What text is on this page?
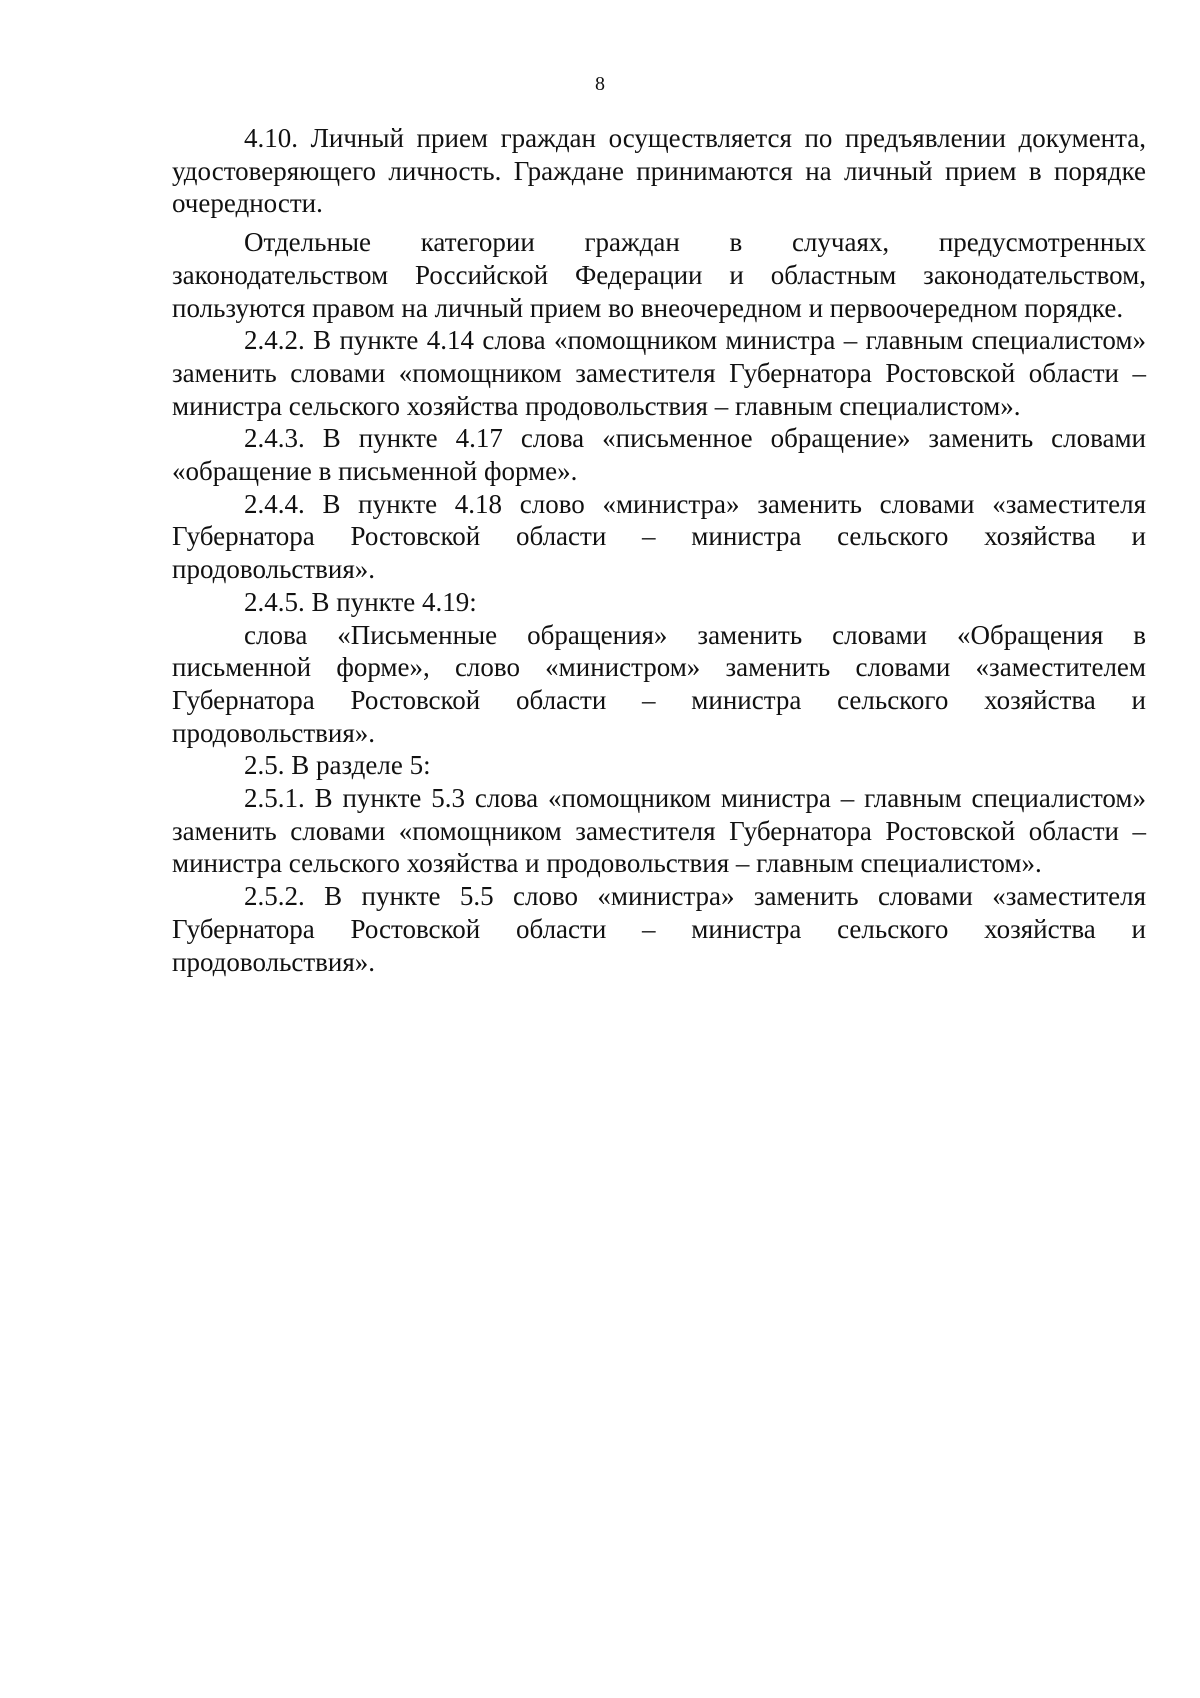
8

4.10. Личный прием граждан осуществляется по предъявлении документа, удостоверяющего личность. Граждане принимаются на личный прием в порядке очередности.

Отдельные категории граждан в случаях, предусмотренных законодательством Российской Федерации и областным законодательством, пользуются правом на личный прием во внеочередном и первоочередном порядке.

2.4.2. В пункте 4.14 слова «помощником министра – главным специалистом» заменить словами «помощником заместителя Губернатора Ростовской области – министра сельского хозяйства продовольствия – главным специалистом».

2.4.3. В пункте 4.17 слова «письменное обращение» заменить словами «обращение в письменной форме».

2.4.4. В пункте 4.18 слово «министра» заменить словами «заместителя Губернатора Ростовской области – министра сельского хозяйства и продовольствия».

2.4.5. В пункте 4.19:

слова «Письменные обращения» заменить словами «Обращения в письменной форме», слово «министром» заменить словами «заместителем Губернатора Ростовской области – министра сельского хозяйства и продовольствия».

2.5. В разделе 5:

2.5.1. В пункте 5.3 слова «помощником министра – главным специалистом» заменить словами «помощником заместителя Губернатора Ростовской области – министра сельского хозяйства и продовольствия – главным специалистом».

2.5.2. В пункте 5.5 слово «министра» заменить словами «заместителя Губернатора Ростовской области – министра сельского хозяйства и продовольствия».
